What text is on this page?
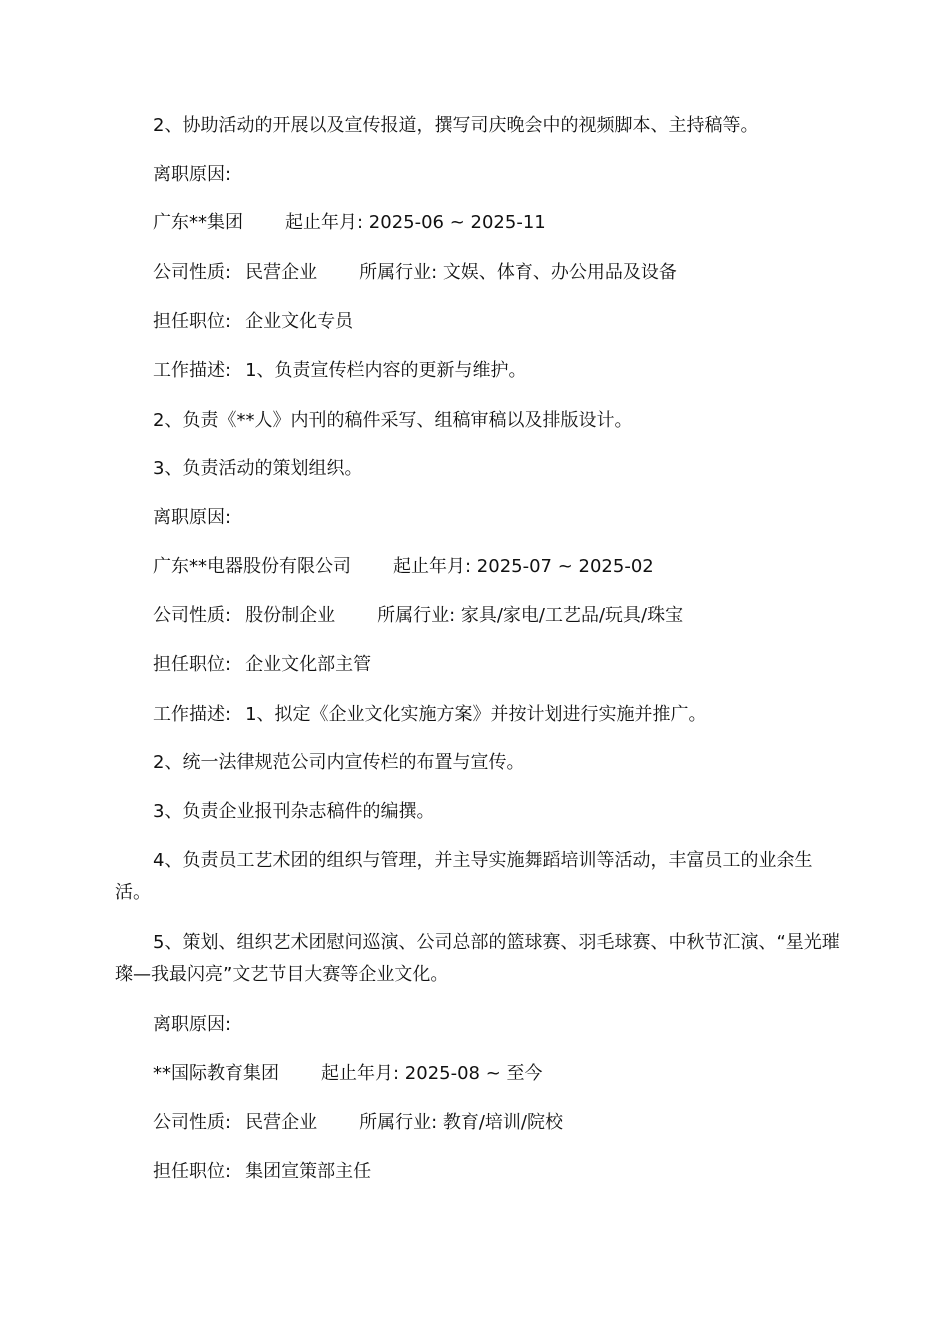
2、协助活动的开展以及宣传报道，撰写司庆晚会中的视频脚本、主持稿等。
离职原因:
广东**集团 起止年月: 2025-06 ~ 2025-11
公司性质: 民营企业 所属行业: 文娱、体育、办公用品及设备
担任职位: 企业文化专员
工作描述: 1、负责宣传栏内容的更新与维护。
2、负责《**人》内刊的稿件采写、组稿审稿以及排版设计。
3、负责活动的策划组织。
离职原因:
广东**电器股份有限公司 起止年月: 2025-07 ~ 2025-02
公司性质: 股份制企业 所属行业: 家具/家电/工艺品/玩具/珠宝
担任职位: 企业文化部主管
工作描述: 1、拟定《企业文化实施方案》并按计划进行实施并推广。
2、统一法律规范公司内宣传栏的布置与宣传。
3、负责企业报刊杂志稿件的编撰。
4、负责员工艺术团的组织与管理，并主导实施舞蹈培训等活动，丰富员工的业余生活。
5、策划、组织艺术团慰问巡演、公司总部的篮球赛、羽毛球赛、中秋节汇演、“星光璀璨—我最闪亮”文艺节目大赛等企业文化。
离职原因:
**国际教育集团 起止年月: 2025-08 ~ 至今
公司性质: 民营企业 所属行业: 教育/培训/院校
担任职位: 集团宣策部主任
